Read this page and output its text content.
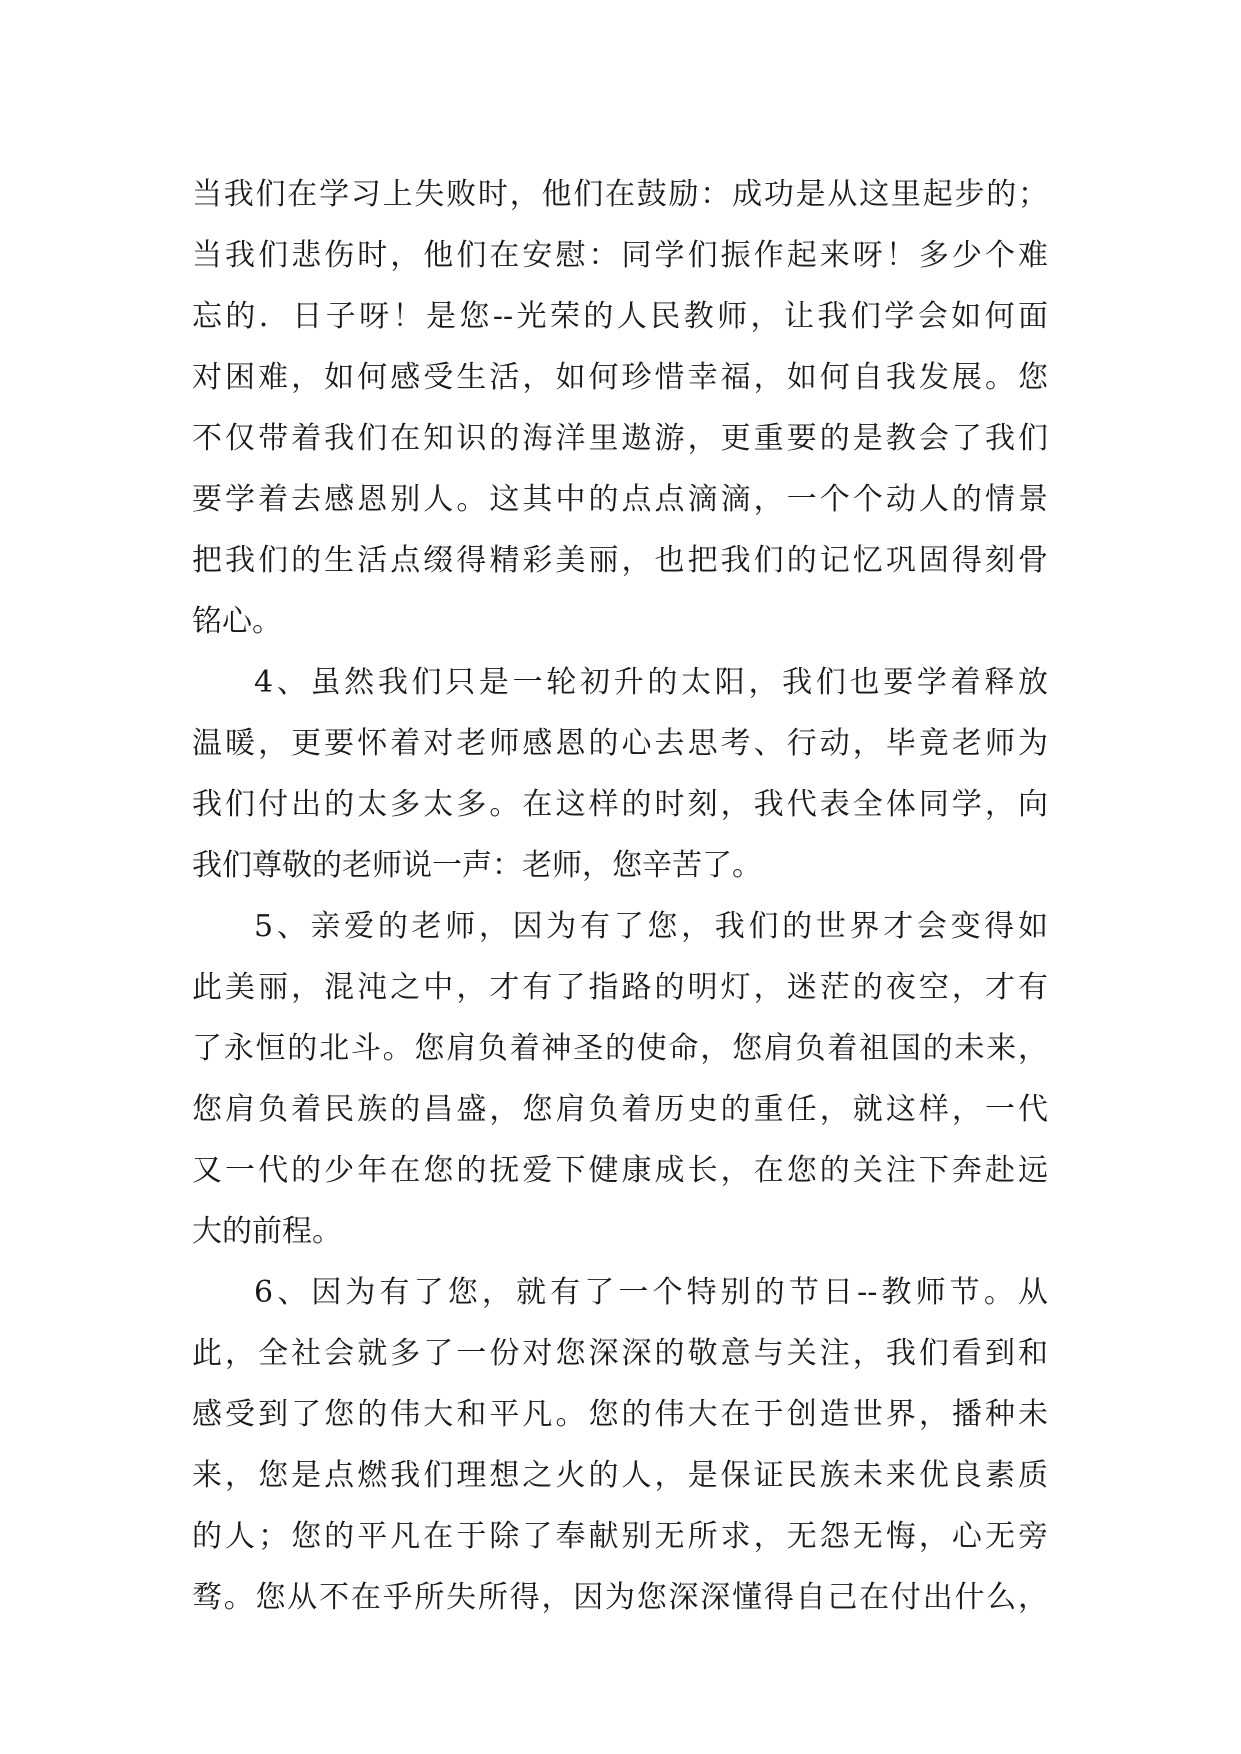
当我们在学习上失败时，他们在鼓励：成功是从这里起步的；
当我们悲伤时，他们在安慰：同学们振作起来呀！多少个难
忘的．日子呀！是您--光荣的人民教师，让我们学会如何面
对困难，如何感受生活，如何珍惜幸福，如何自我发展。您
不仅带着我们在知识的海洋里遨游，更重要的是教会了我们
要学着去感恩别人。这其中的点点滴滴，一个个动人的情景
把我们的生活点缀得精彩美丽，也把我们的记忆巩固得刻骨
铭心。
4、虽然我们只是一轮初升的太阳，我们也要学着释放
温暖，更要怀着对老师感恩的心去思考、行动，毕竟老师为
我们付出的太多太多。在这样的时刻，我代表全体同学，向
我们尊敬的老师说一声：老师，您辛苦了。
5、亲爱的老师，因为有了您，我们的世界才会变得如
此美丽，混沌之中，才有了指路的明灯，迷茫的夜空，才有
了永恒的北斗。您肩负着神圣的使命，您肩负着祖国的未来，
您肩负着民族的昌盛，您肩负着历史的重任，就这样，一代
又一代的少年在您的抚爱下健康成长，在您的关注下奔赴远
大的前程。
6、因为有了您，就有了一个特别的节日--教师节。从
此，全社会就多了一份对您深深的敬意与关注，我们看到和
感受到了您的伟大和平凡。您的伟大在于创造世界，播种未
来，您是点燃我们理想之火的人，是保证民族未来优良素质
的人；您的平凡在于除了奉献别无所求，无怨无悔，心无旁
骛。您从不在乎所失所得，因为您深深懂得自己在付出什么，
